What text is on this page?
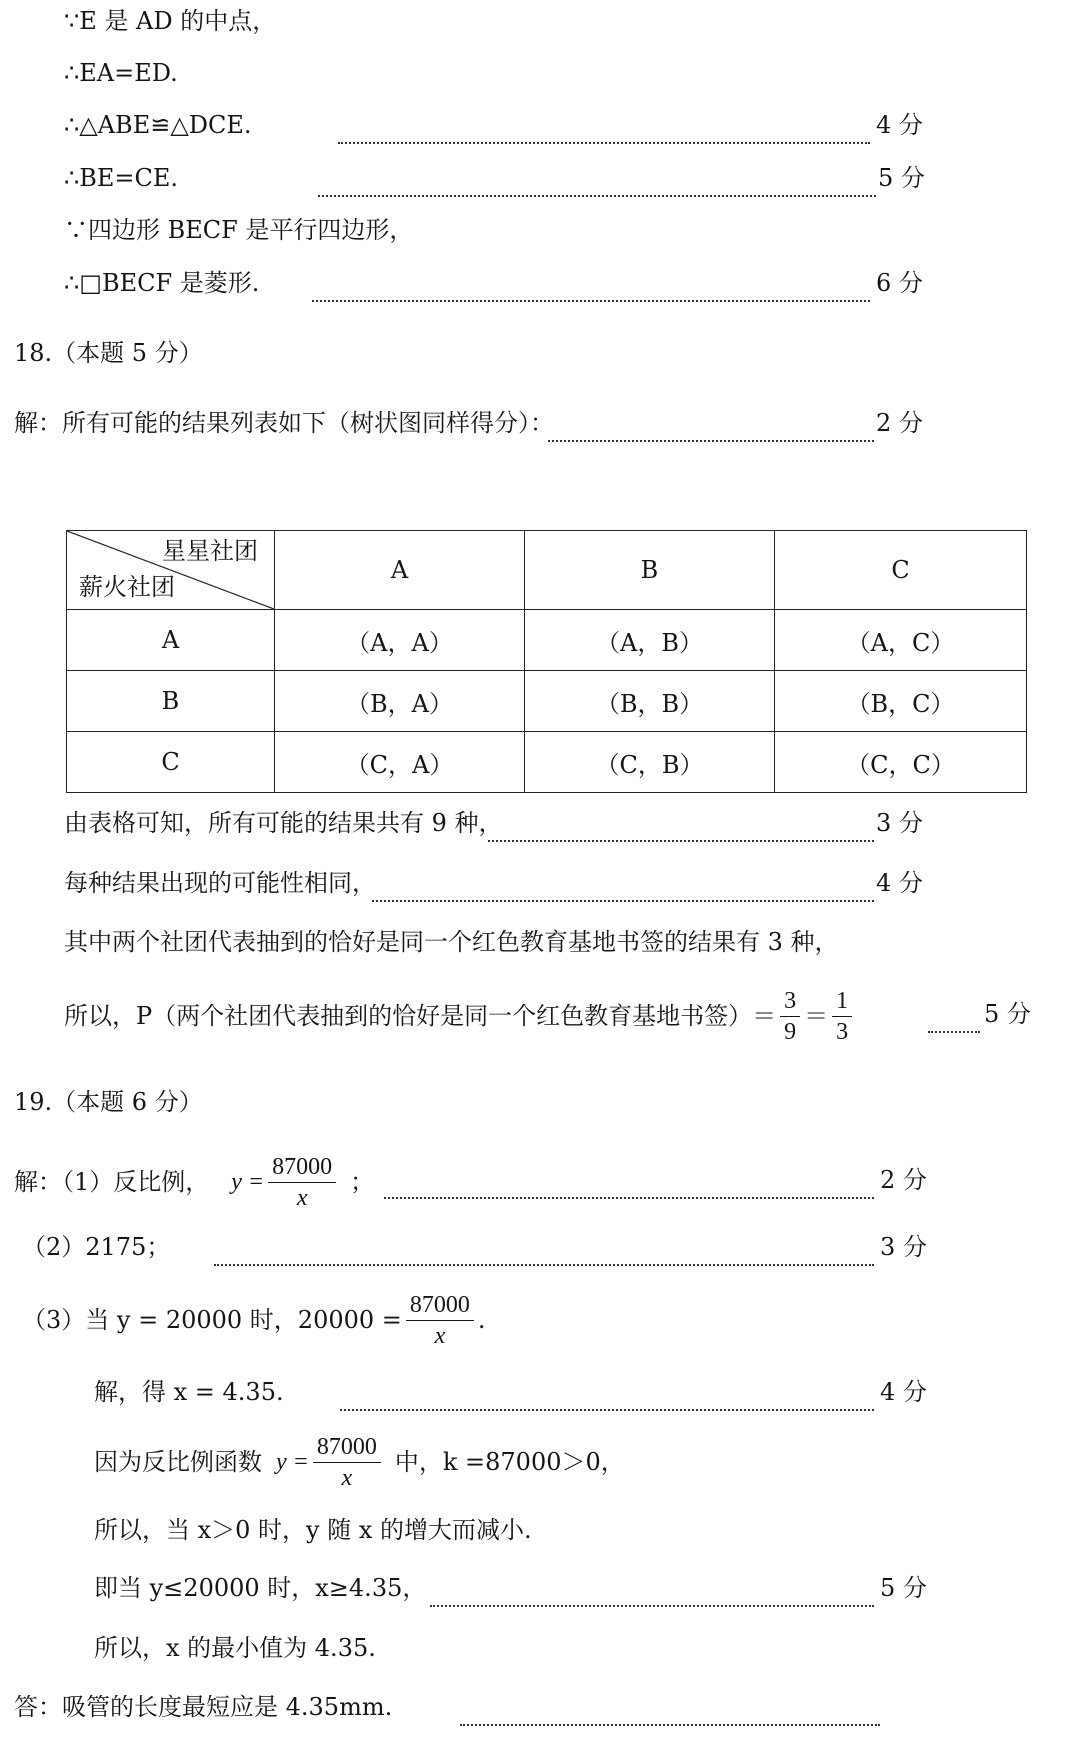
∵E 是 AD 的中点，
∴EA=ED.
∴△ABE≌△DCE.	4 分
∴BE=CE.	5 分
∵四边形 BECF 是平行四边形，
∴□BECF 是菱形.	6 分
18.（本题 5 分）
解：所有可能的结果列表如下（树状图同样得分）：	2 分
星星社团
薪火社团	A	B	C
A	（A，A）	（A，B）	（A，C）
B	（B，A）	（B，B）	（B，C）
C	（C，A）	（C，B）	（C，C）
由表格可知，所有可能的结果共有 9 种，	3 分
每种结果出现的可能性相同，	4 分
其中两个社团代表抽到的恰好是同一个红色教育基地书签的结果有 3 种，
所以，P（两个社团代表抽到的恰好是同一个红色教育基地书签）＝ $\frac{3}{9} = \frac{1}{3}$	5 分
19.（本题 6 分）
解：（1）反比例， $y = \frac{87000}{x}$ ；	2 分
（2）2175；	3 分
（3）当 y = 20000 时，$20000 = \frac{87000}{x}$ .
解，得 x = 4.35.	4 分
因为反比例函数 $y = \frac{87000}{x}$ 中，k =87000＞0，
所以，当 x＞0 时，y 随 x 的增大而减小.
即当 y≤20000 时，x≥4.35，	5 分
所以，x 的最小值为 4.35.
答：吸管的长度最短应是 4.35mm.
